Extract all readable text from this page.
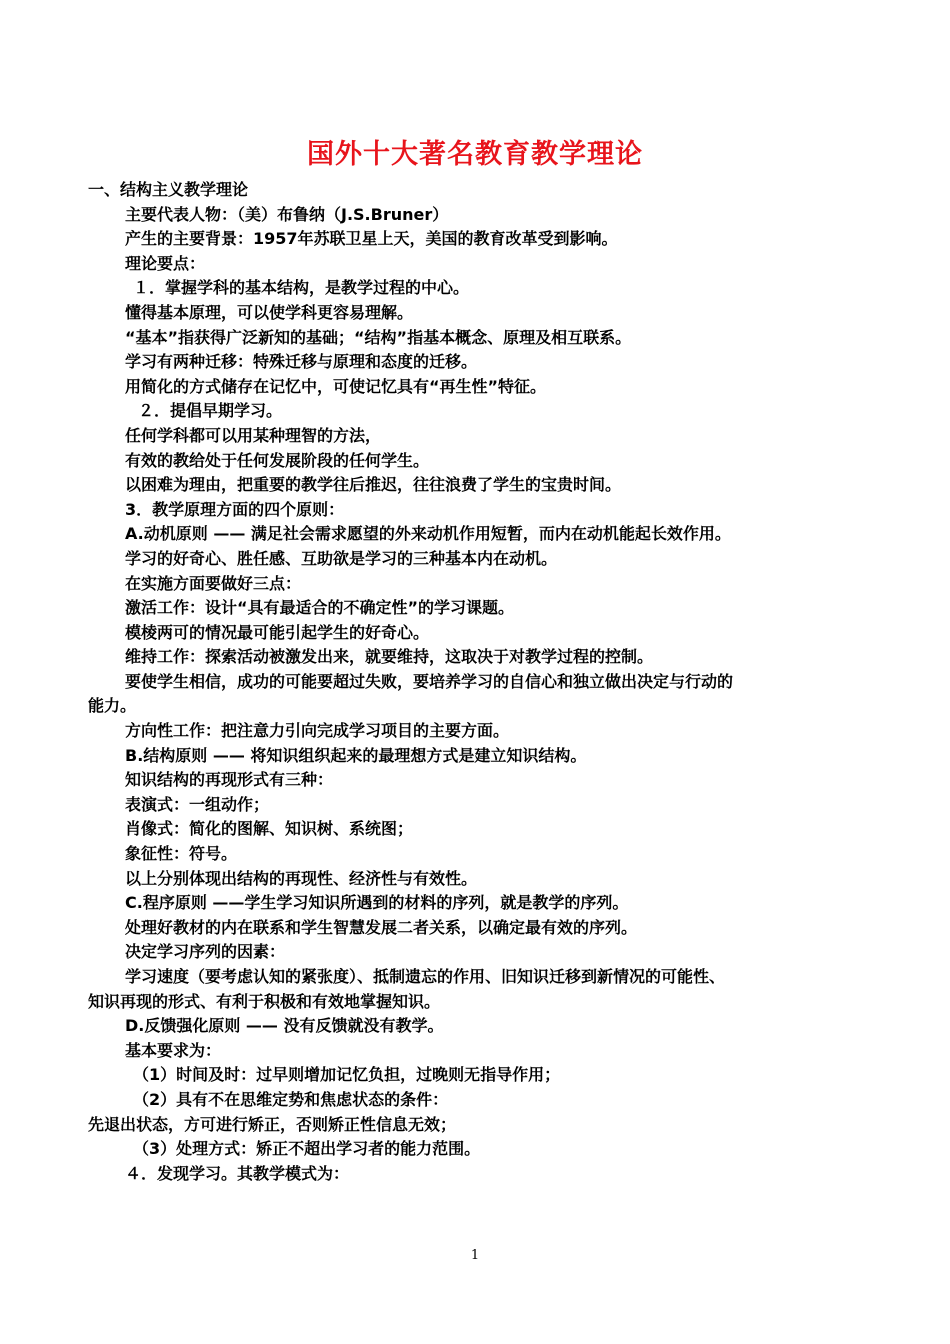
国外十大著名教育教学理论
一、结构主义教学理论
主要代表人物：（美）布鲁纳（J.S.Bruner）
产生的主要背景：1957年苏联卫星上天，美国的教育改革受到影响。
理论要点：
１．掌握学科的基本结构，是教学过程的中心。
懂得基本原理，可以使学科更容易理解。
“基本”指获得广泛新知的基础；“结构”指基本概念、原理及相互联系。
学习有两种迁移：特殊迁移与原理和态度的迁移。
用简化的方式储存在记忆中，可使记忆具有“再生性”特征。
２．提倡早期学习。
任何学科都可以用某种理智的方法，
有效的教给处于任何发展阶段的任何学生。
以困难为理由，把重要的教学往后推迟，往往浪费了学生的宝贵时间。
3．教学原理方面的四个原则：
A.动机原则 —— 满足社会需求愿望的外来动机作用短暂，而内在动机能起长效作用。
学习的好奇心、胜任感、互助欲是学习的三种基本内在动机。
在实施方面要做好三点：
激活工作：设计“具有最适合的不确定性”的学习课题。
模棱两可的情况最可能引起学生的好奇心。
维持工作：探索活动被激发出来，就要维持，这取决于对教学过程的控制。
要使学生相信，成功的可能要超过失败，要培养学习的自信心和独立做出决定与行动的
能力。
方向性工作：把注意力引向完成学习项目的主要方面。
B.结构原则 —— 将知识组织起来的最理想方式是建立知识结构。
知识结构的再现形式有三种：
表演式：一组动作；
肖像式：简化的图解、知识树、系统图；
象征性：符号。
以上分别体现出结构的再现性、经济性与有效性。
C.程序原则 ——学生学习知识所遇到的材料的序列，就是教学的序列。
处理好教材的内在联系和学生智慧发展二者关系，以确定最有效的序列。
决定学习序列的因素：
学习速度（要考虑认知的紧张度）、抵制遗忘的作用、旧知识迁移到新情况的可能性、
知识再现的形式、有利于积极和有效地掌握知识。
D.反馈强化原则 —— 没有反馈就没有教学。
基本要求为：
（1）时间及时：过早则增加记忆负担，过晚则无指导作用；
（2）具有不在思维定势和焦虑状态的条件：
先退出状态，方可进行矫正，否则矫正性信息无效；
（3）处理方式：矫正不超出学习者的能力范围。
４．发现学习。其教学模式为：
1
